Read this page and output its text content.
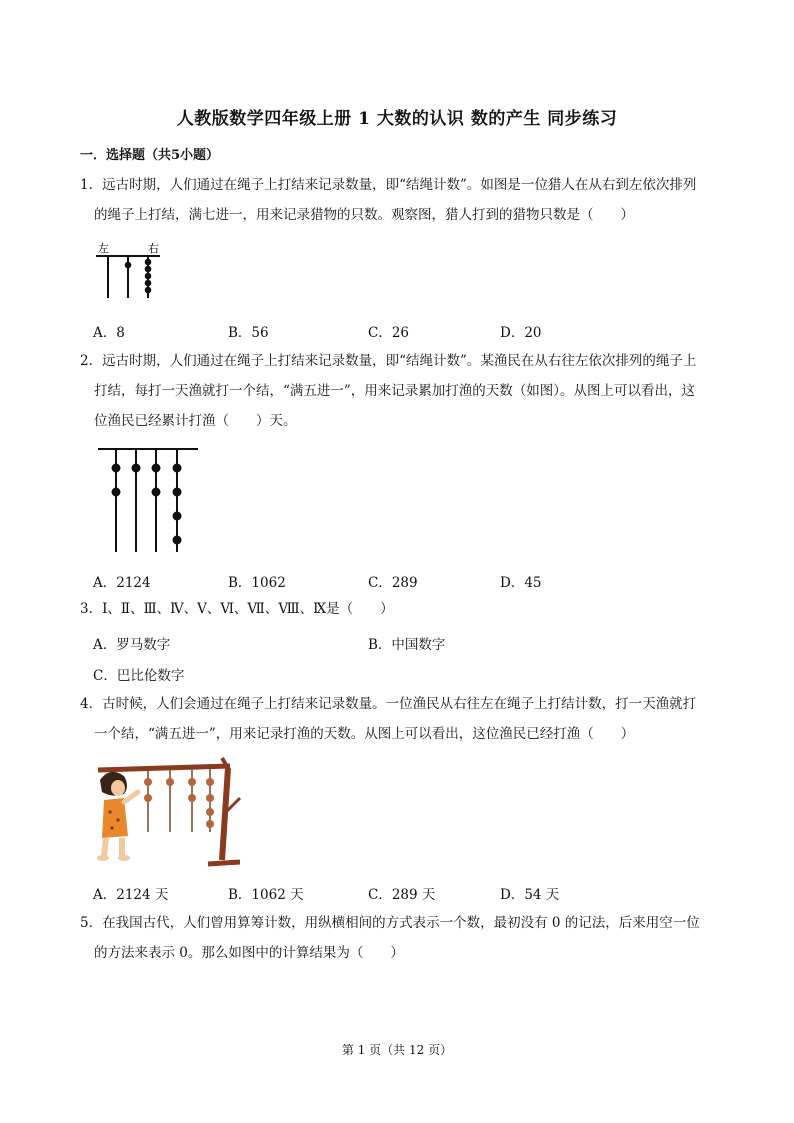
人教版数学四年级上册 1 大数的认识 数的产生 同步练习
一．选择题（共5小题）
1．远古时期，人们通过在绳子上打结来记录数量，即“结绳计数”。如图是一位猎人在从右到左依次排列
的绳子上打结，满七进一，用来记录猎物的只数。观察图，猎人打到的猎物只数是（　　）
左	右
A．8	B．56	C．26	D．20
2．远古时期，人们通过在绳子上打结来记录数量，即“结绳计数”。某渔民在从右往左依次排列的绳子上
打结，每打一天渔就打一个结，“满五进一”，用来记录累加打渔的天数（如图）。从图上可以看出，这
位渔民已经累计打渔（　　）天。
A．2124	B．1062	C．289	D．45
3．Ⅰ、Ⅱ、Ⅲ、Ⅳ、Ⅴ、Ⅵ、Ⅶ、Ⅷ、Ⅸ是（　　）
A．罗马数字	B．中国数字
C．巴比伦数字
4．古时候，人们会通过在绳子上打结来记录数量。一位渔民从右往左在绳子上打结计数，打一天渔就打
一个结，“满五进一”，用来记录打渔的天数。从图上可以看出，这位渔民已经打渔（　　）
A．2124 天	B．1062 天	C．289 天	D．54 天
5．在我国古代，人们曾用算筹计数，用纵横相间的方式表示一个数，最初没有 0 的记法，后来用空一位
的方法来表示 0。那么如图中的计算结果为（　　）
第 1 页（共 12 页）
